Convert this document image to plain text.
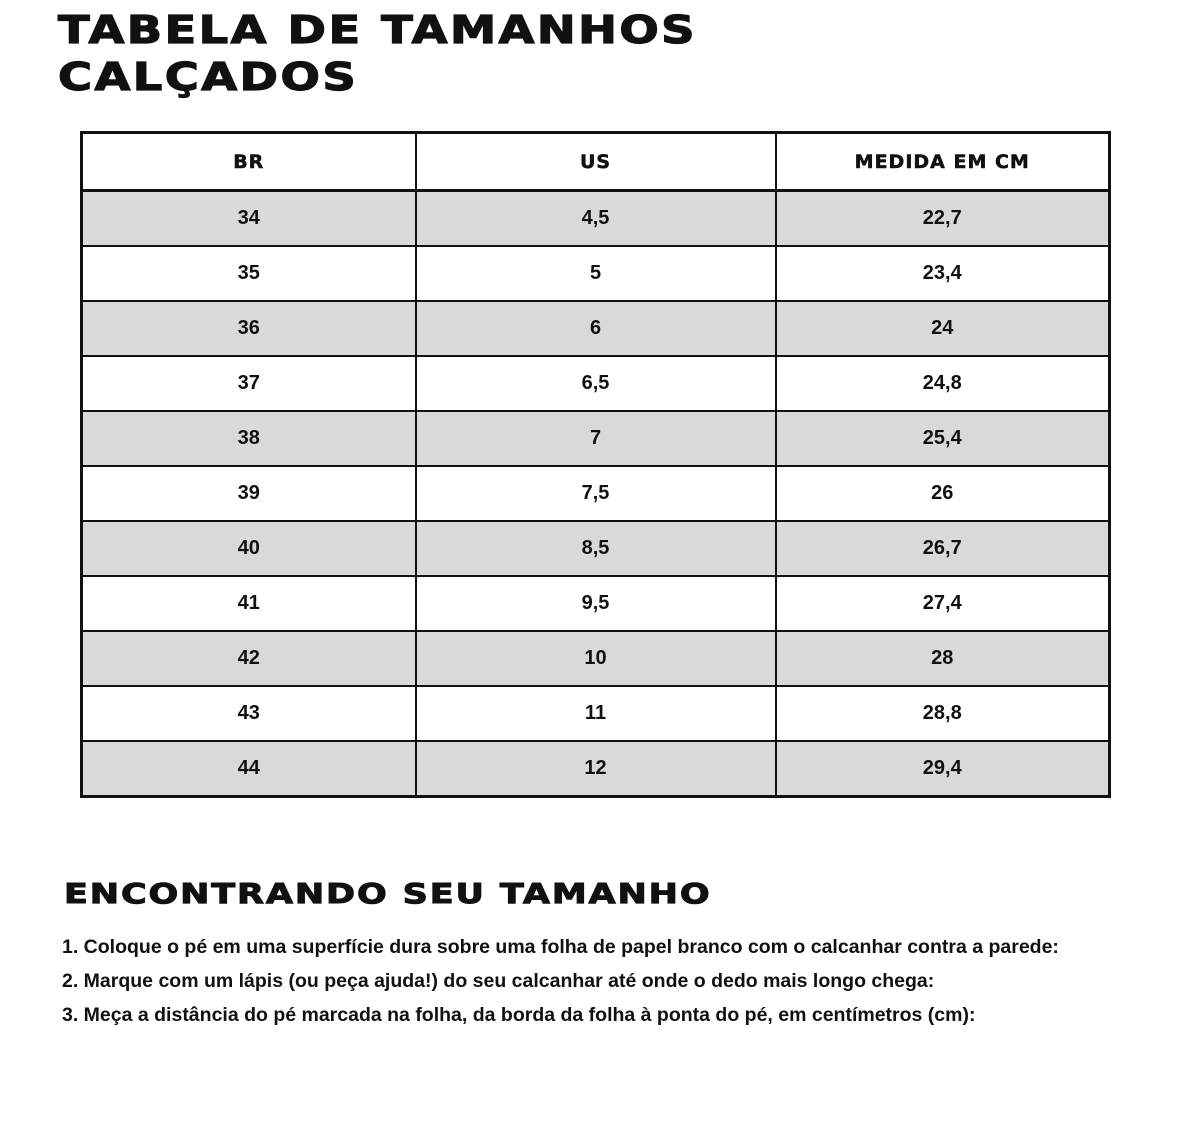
TABELA DE TAMANHOS
CALÇADOS
BR	US	MEDIDA EM CM
34	4,5	22,7
35	5	23,4
36	6	24
37	6,5	24,8
38	7	25,4
39	7,5	26
40	8,5	26,7
41	9,5	27,4
42	10	28
43	11	28,8
44	12	29,4
ENCONTRANDO SEU TAMANHO
1. Coloque o pé em uma superfície dura sobre uma folha de papel branco com o calcanhar contra a parede:
2. Marque com um lápis (ou peça ajuda!) do seu calcanhar até onde o dedo mais longo chega:
3. Meça a distância do pé marcada na folha, da borda da folha à ponta do pé, em centímetros (cm):
